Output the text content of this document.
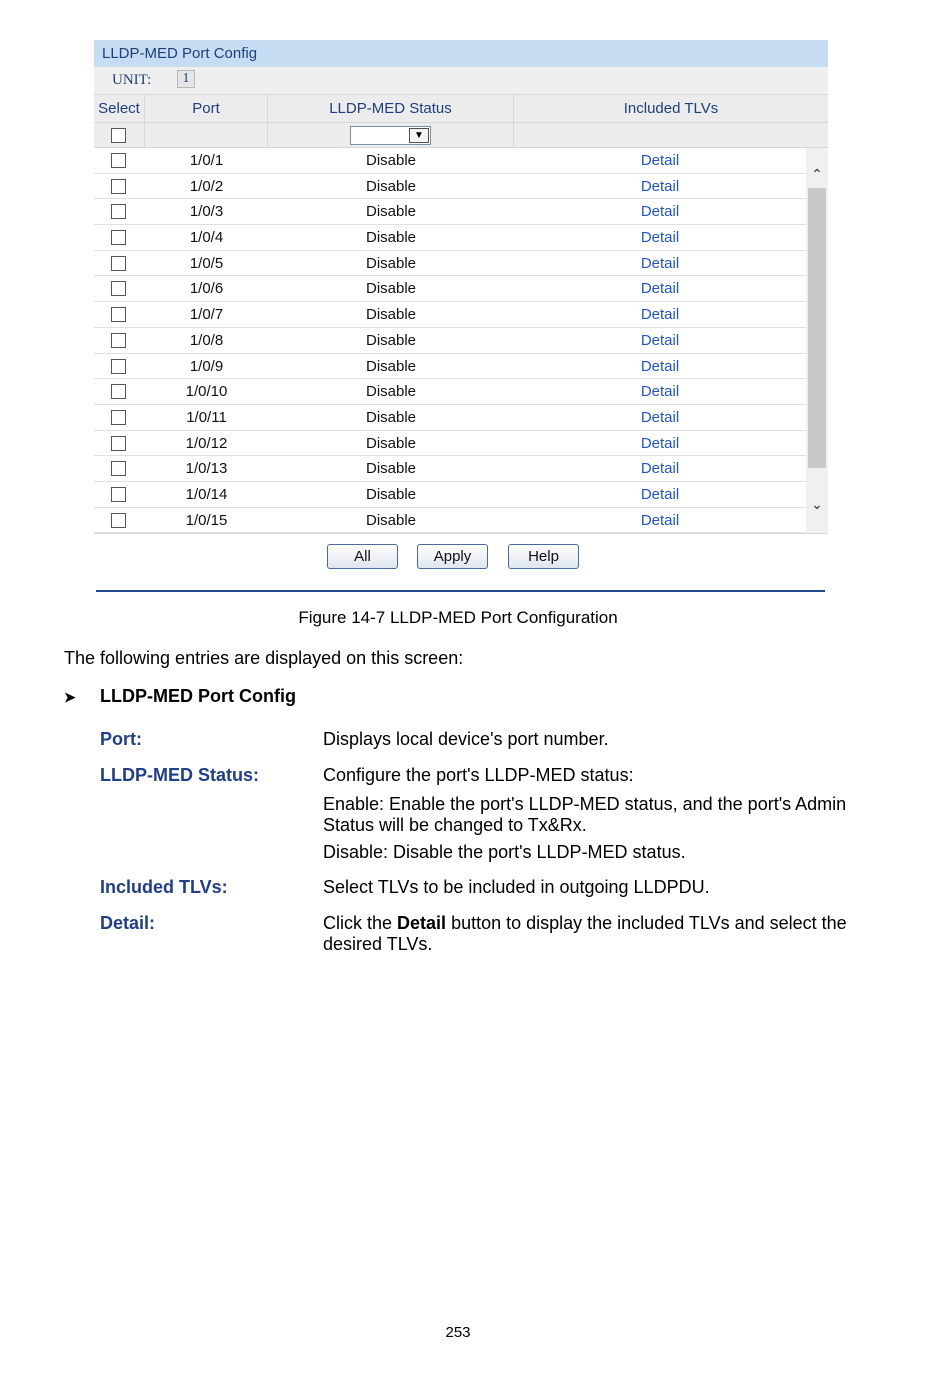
LLDP-MED Port Config
UNIT:	1
Select	Port	LLDP-MED Status	Included TLVs
▼
1/0/1	Disable	Detail
1/0/2	Disable	Detail
1/0/3	Disable	Detail
1/0/4	Disable	Detail
1/0/5	Disable	Detail
1/0/6	Disable	Detail
1/0/7	Disable	Detail
1/0/8	Disable	Detail
1/0/9	Disable	Detail
1/0/10	Disable	Detail
1/0/11	Disable	Detail
1/0/12	Disable	Detail
1/0/13	Disable	Detail
1/0/14	Disable	Detail
1/0/15	Disable	Detail
⌃
⌄
All	Apply	Help
Figure 14-7 LLDP-MED Port Configuration
The following entries are displayed on this screen:
➤ LLDP-MED Port Config
Port:	Displays local device's port number.
LLDP-MED Status:	Configure the port's LLDP-MED status:
Enable: Enable the port's LLDP-MED status, and the port's Admin Status will be changed to Tx&Rx.
Disable: Disable the port's LLDP-MED status.
Included TLVs:	Select TLVs to be included in outgoing LLDPDU.
Detail:	Click the Detail button to display the included TLVs and select the desired TLVs.
253
